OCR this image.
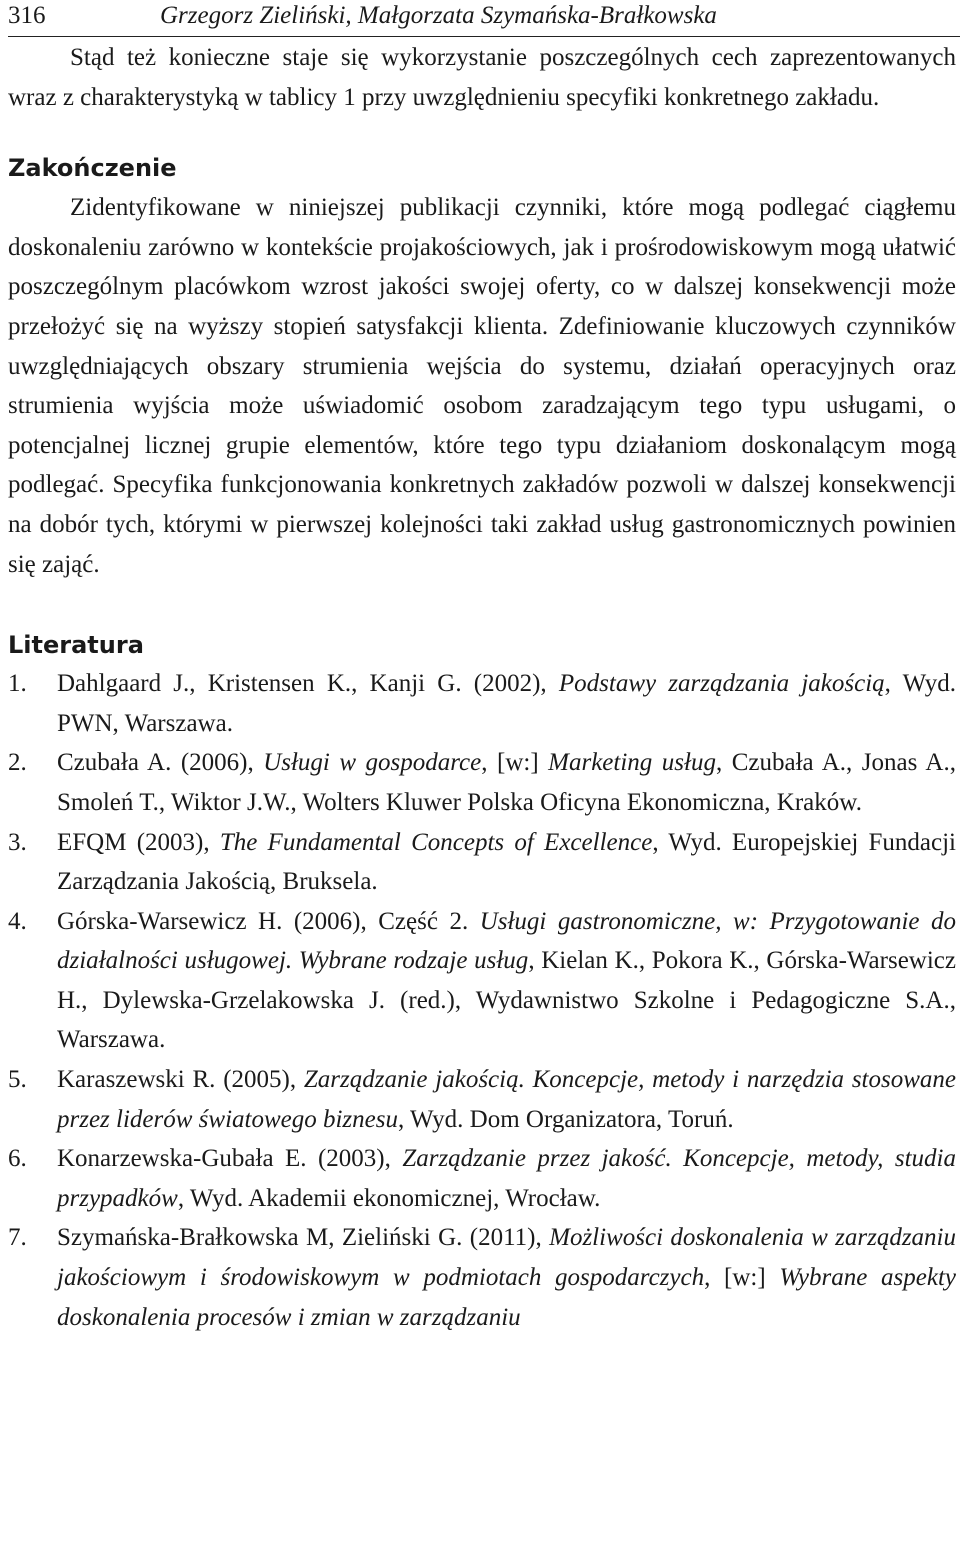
316	Grzegorz Zieliński, Małgorzata Szymańska-Brałkowska

Stąd też konieczne staje się wykorzystanie poszczególnych cech zaprezentowanych wraz z charakterystyką w tablicy 1 przy uwzględnieniu specyfiki konkretnego zakładu.

Zakończenie

Zidentyfikowane w niniejszej publikacji czynniki, które mogą podlegać ciągłemu doskonaleniu zarówno w kontekście projakościowych, jak i prośrodowiskowym mogą ułatwić poszczególnym placówkom wzrost jakości swojej oferty, co w dalszej konsekwencji może przełożyć się na wyższy stopień satysfakcji klienta. Zdefiniowanie kluczowych czynników uwzględniających obszary strumienia wejścia do systemu, działań operacyjnych oraz strumienia wyjścia może uświadomić osobom zaradzającym tego typu usługami, o potencjalnej licznej grupie elementów, które tego typu działaniom doskonalącym mogą podlegać. Specyfika funkcjonowania konkretnych zakładów pozwoli w dalszej konsekwencji na dobór tych, którymi w pierwszej kolejności taki zakład usług gastronomicznych powinien się zająć.

Literatura
1. Dahlgaard J., Kristensen K., Kanji G. (2002), Podstawy zarządzania jakością, Wyd. PWN, Warszawa.
2. Czubała A. (2006), Usługi w gospodarce, [w:] Marketing usług, Czubała A., Jonas A., Smoleń T., Wiktor J.W., Wolters Kluwer Polska Oficyna Ekonomiczna, Kraków.
3. EFQM (2003), The Fundamental Concepts of Excellence, Wyd. Europejskiej Fundacji Zarządzania Jakością, Bruksela.
4. Górska-Warsewicz H. (2006), Część 2. Usługi gastronomiczne, w: Przygotowanie do działalności usługowej. Wybrane rodzaje usług, Kielan K., Pokora K., Górska-Warsewicz H., Dylewska-Grzelakowska J. (red.), Wydawnistwo Szkolne i Pedagogiczne S.A., Warszawa.
5. Karaszewski R. (2005), Zarządzanie jakością. Koncepcje, metody i narzędzia stosowane przez liderów światowego biznesu, Wyd. Dom Organizatora, Toruń.
6. Konarzewska-Gubała E. (2003), Zarządzanie przez jakość. Koncepcje, metody, studia przypadków, Wyd. Akademii ekonomicznej, Wrocław.
7. Szymańska-Brałkowska M, Zieliński G. (2011), Możliwości doskonalenia w zarządzaniu jakościowym i środowiskowym w podmiotach gospodarczych, [w:] Wybrane aspekty doskonalenia procesów i zmian w zarządzaniu
